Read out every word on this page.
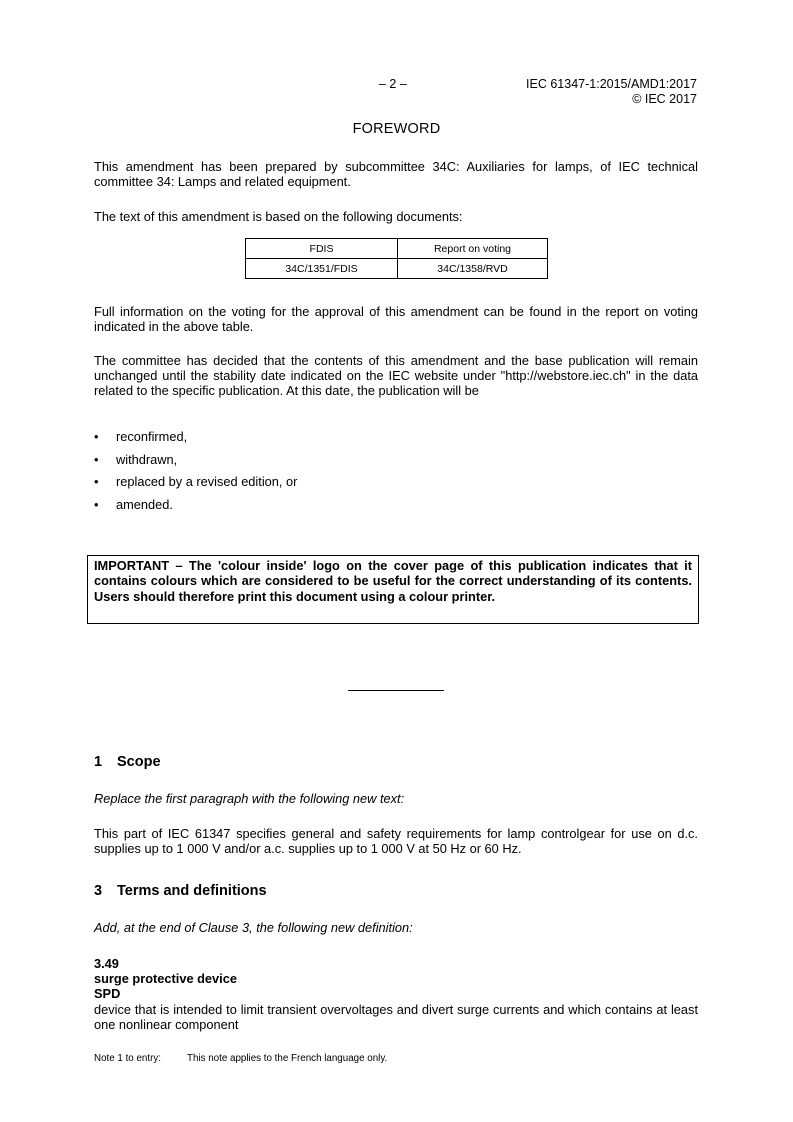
– 2 –	IEC 61347-1:2015/AMD1:2017
© IEC 2017
FOREWORD
This amendment has been prepared by subcommittee 34C: Auxiliaries for lamps, of IEC technical committee 34: Lamps and related equipment.
The text of this amendment is based on the following documents:
FDIS	Report on voting
34C/1351/FDIS	34C/1358/RVD
Full information on the voting for the approval of this amendment can be found in the report on voting indicated in the above table.
The committee has decided that the contents of this amendment and the base publication will remain unchanged until the stability date indicated on the IEC website under "http://webstore.iec.ch" in the data related to the specific publication. At this date, the publication will be
• reconfirmed,
• withdrawn,
• replaced by a revised edition, or
• amended.
IMPORTANT – The 'colour inside' logo on the cover page of this publication indicates that it contains colours which are considered to be useful for the correct understanding of its contents. Users should therefore print this document using a colour printer.
1 Scope
Replace the first paragraph with the following new text:
This part of IEC 61347 specifies general and safety requirements for lamp controlgear for use on d.c. supplies up to 1 000 V and/or a.c. supplies up to 1 000 V at 50 Hz or 60 Hz.
3 Terms and definitions
Add, at the end of Clause 3, the following new definition:
3.49
surge protective device
SPD
device that is intended to limit transient overvoltages and divert surge currents and which contains at least one nonlinear component
Note 1 to entry:	This note applies to the French language only.
